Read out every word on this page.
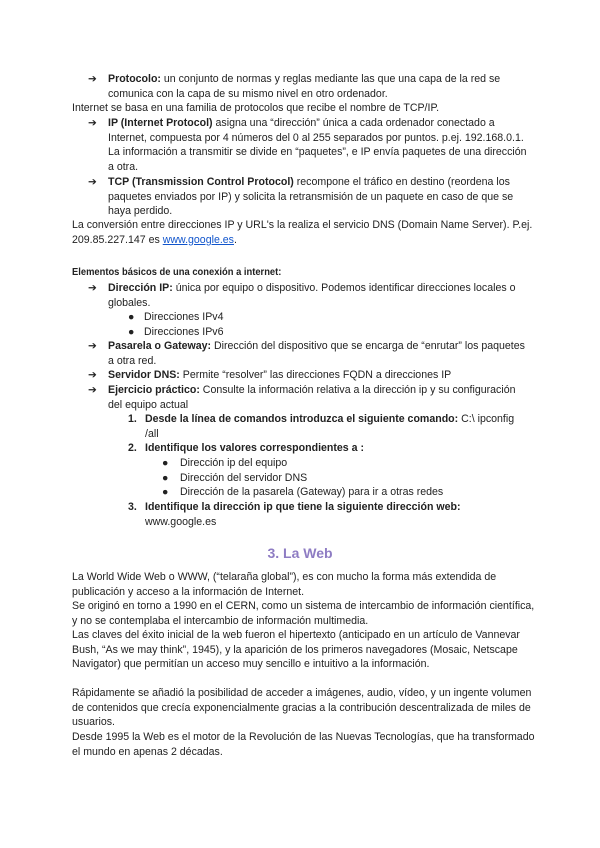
➔	Protocolo: un conjunto de normas y reglas mediante las que una capa de la red se comunica con la capa de su mismo nivel en otro ordenador.
Internet se basa en una familia de protocolos que recibe el nombre de TCP/IP.
➔	IP (Internet Protocol) asigna una “dirección” única a cada ordenador conectado a Internet, compuesta por 4 números del 0 al 255 separados por puntos. p.ej. 192.168.0.1. La información a transmitir se divide en “paquetes”, e IP envía paquetes de una dirección a otra.
➔	TCP (Transmission Control Protocol) recompone el tráfico en destino (reordena los paquetes enviados por IP) y solicita la retransmisión de un paquete en caso de que se haya perdido.
La conversión entre direcciones IP y URL's la realiza el servicio DNS (Domain Name Server). P.ej. 209.85.227.147 es www.google.es.
Elementos básicos de una conexión a internet:
➔	Dirección IP: única por equipo o dispositivo. Podemos identificar direcciones locales o globales.
● Direcciones IPv4
● Direcciones IPv6
➔	Pasarela o Gateway: Dirección del dispositivo que se encarga de “enrutar” los paquetes a otra red.
➔	Servidor DNS: Permite “resolver” las direcciones FQDN a direcciones IP
➔	Ejercicio práctico: Consulte la información relativa a la dirección ip y su configuración del equipo actual
1. Desde la línea de comandos introduzca el siguiente comando: C:\ ipconfig /all
2. Identifique los valores correspondientes a :
● Dirección ip del equipo
● Dirección del servidor DNS
● Dirección de la pasarela (Gateway) para ir a otras redes
3. Identifique la dirección ip que tiene la siguiente dirección web:
www.google.es
3. La Web
La World Wide Web o WWW, (“telaraña global”), es con mucho la forma más extendida de publicación y acceso a la información de Internet.
Se originó en torno a 1990 en el CERN, como un sistema de intercambio de información científica, y no se contemplaba el intercambio de información multimedia.
Las claves del éxito inicial de la web fueron el hipertexto (anticipado en un artículo de Vannevar Bush, “As we may think”, 1945), y la aparición de los primeros navegadores (Mosaic, Netscape Navigator) que permitían un acceso muy sencillo e intuitivo a la información.
Rápidamente se añadió la posibilidad de acceder a imágenes, audio, vídeo, y un ingente volumen de contenidos que crecía exponencialmente gracias a la contribución descentralizada de miles de usuarios.
Desde 1995 la Web es el motor de la Revolución de las Nuevas Tecnologías, que ha transformado el mundo en apenas 2 décadas.
